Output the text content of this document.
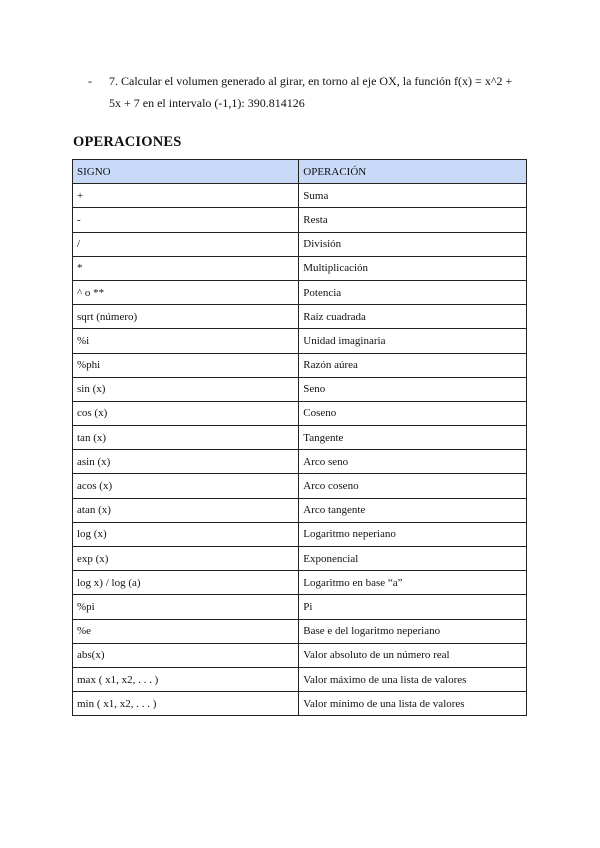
- 7. Calcular el volumen generado al girar, en torno al eje OX, la función f(x) = x^2 +
5x + 7 en el intervalo (-1,1): 390.814126
OPERACIONES
SIGNO	OPERACIÓN
+	Suma
-	Resta
/	División
*	Multiplicación
^ o **	Potencia
sqrt (número)	Raíz cuadrada
%i	Unidad imaginaria
%phi	Razón aúrea
sin (x)	Seno
cos (x)	Coseno
tan (x)	Tangente
asin (x)	Arco seno
acos (x)	Arco coseno
atan (x)	Arco tangente
log (x)	Logaritmo neperiano
exp (x)	Exponencial
log x) / log (a)	Logaritmo en base “a”
%pi	Pi
%e	Base e del logaritmo neperiano
abs(x)	Valor absoluto de un número real
max ( x1, x2, . . . )	Valor máximo de una lista de valores
min ( x1, x2, . . . )	Valor mínimo de una lista de valores
